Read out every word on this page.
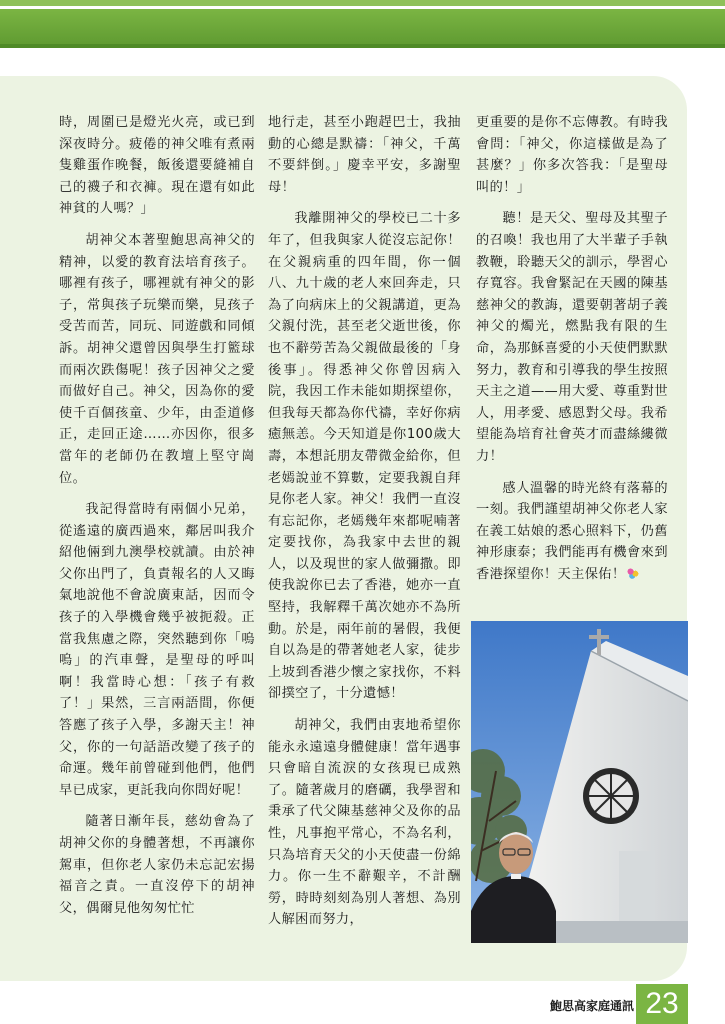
時，周圍已是燈光火亮，或已到深夜時分。疲倦的神父唯有煮兩隻雞蛋作晚餐，飯後還要縫補自己的襪子和衣褲。現在還有如此神貧的人嗎？」

胡神父本著聖鮑思高神父的精神，以愛的教育法培育孩子。哪裡有孩子，哪裡就有神父的影子，常與孩子玩樂而樂，見孩子受苦而苦，同玩、同遊戲和同傾訴。胡神父還曾因與學生打籃球而兩次跌傷呢！孩子因神父之愛而做好自己。神父，因為你的愛使千百個孩童、少年，由歪道修正，走回正途……亦因你，很多當年的老師仍在教壇上堅守崗位。

我記得當時有兩個小兄弟，從遙遠的廣西過來，鄰居叫我介紹他倆到九澳學校就讀。由於神父你出門了，負責報名的人又晦氣地說他不會說廣東話，因而令孩子的入學機會幾乎被扼殺。正當我焦慮之際，突然聽到你「嗚嗚」的汽車聲，是聖母的呼叫啊！我當時心想：「孩子有救了！」果然，三言兩語間，你便答應了孩子入學，多謝天主！神父，你的一句話語改變了孩子的命運。幾年前曾碰到他們，他們早已成家，更託我向你問好呢！

隨著日漸年長，慈幼會為了胡神父你的身體著想，不再讓你駕車，但你老人家仍未忘記宏揚福音之責。一直沒停下的胡神父，偶爾見他匆匆忙忙

地行走，甚至小跑趕巴士，我抽動的心總是默禱：「神父，千萬不要絆倒。」慶幸平安，多謝聖母！

我離開神父的學校已二十多年了，但我與家人從沒忘記你！在父親病重的四年間，你一個八、九十歲的老人來回奔走，只為了向病床上的父親講道，更為父親付洗，甚至老父逝世後，你也不辭勞苦為父親做最後的「身後事」。得悉神父你曾因病入院，我因工作未能如期探望你，但我每天都為你代禱，幸好你病癒無恙。今天知道是你100歲大壽，本想託朋友帶微金給你，但老嫣說並不算數，定要我親自拜見你老人家。神父！我們一直沒有忘記你，老嫣幾年來都呢喃著定要找你，為我家中去世的親人，以及現世的家人做彌撒。即使我說你已去了香港，她亦一直堅持，我解釋千萬次她亦不為所動。於是，兩年前的暑假，我便自以為是的帶著她老人家，徒步上坡到香港少懷之家找你，不料卻撲空了，十分遺憾！

胡神父，我們由衷地希望你能永永遠遠身體健康！當年遇事只會暗自流淚的女孩現已成熟了。隨著歲月的磨礪，我學習和秉承了代父陳基慈神父及你的品性，凡事抱平常心，不為名利，只為培育天父的小天使盡一份綿力。你一生不辭艱辛，不計酬勞，時時刻刻為別人著想、為別人解困而努力，

更重要的是你不忘傳教。有時我會問：「神父，你這樣做是為了甚麼？」你多次答我：「是聖母叫的！」

聽！是天父、聖母及其聖子的召喚！我也用了大半輩子手執教鞭，聆聽天父的訓示，學習心存寬容。我會緊記在天國的陳基慈神父的教誨，還要朝著胡子義神父的燭光，燃點我有限的生命，為那穌喜愛的小天使們默默努力，教育和引導我的學生按照天主之道——用大愛、尊重對世人，用孝愛、感恩對父母。我希望能為培育社會英才而盡絲縷微力！

感人溫馨的時光終有落幕的一刻。我們謹望胡神父你老人家在義工姑娘的悉心照料下，仍舊神形康泰；我們能再有機會來到香港探望你！天主保佑！

鮑思高家庭通訊 23
